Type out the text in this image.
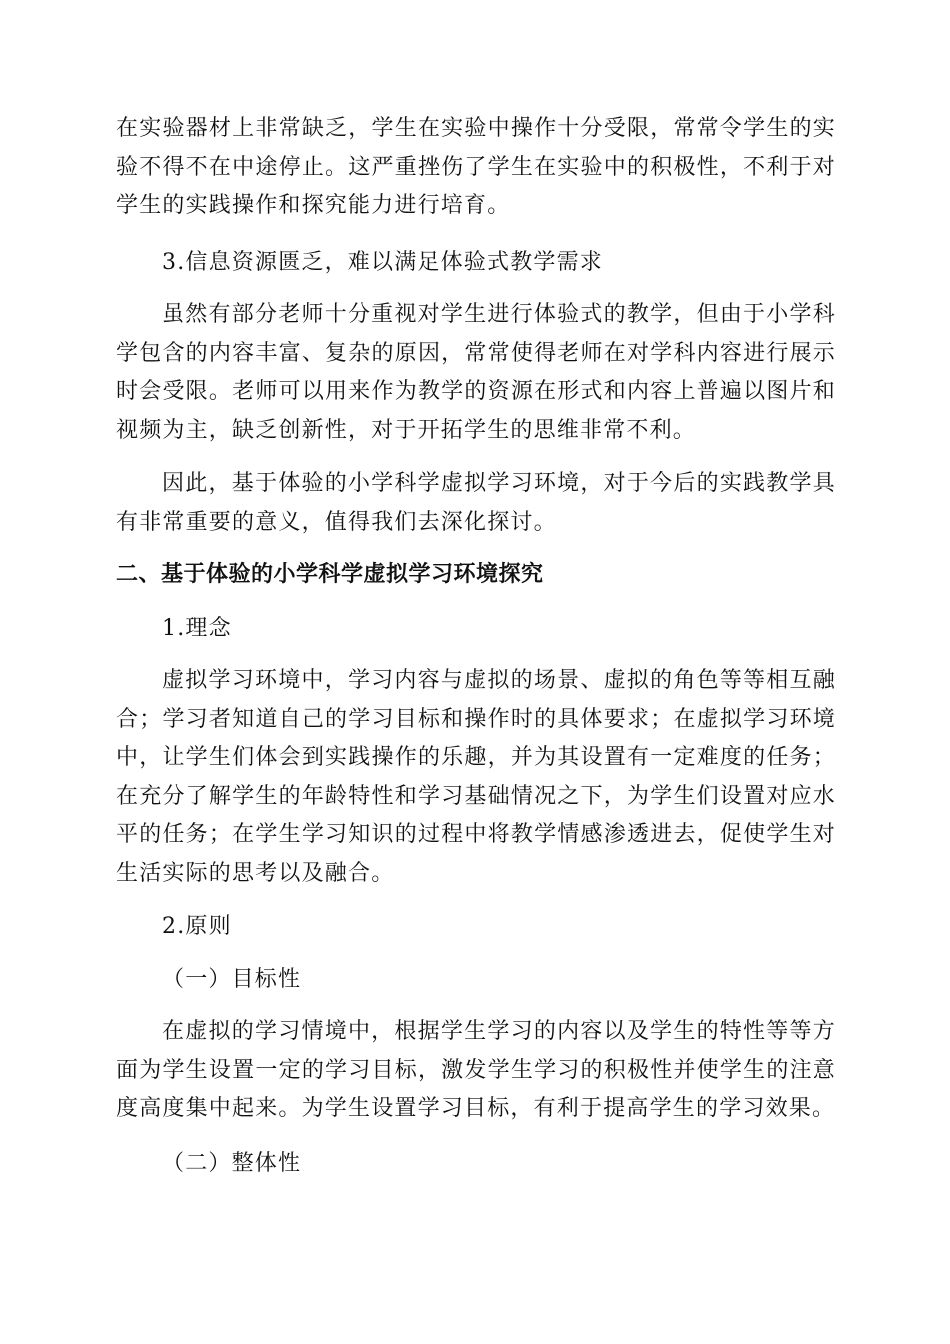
在实验器材上非常缺乏，学生在实验中操作十分受限，常常令学生的实验不得不在中途停止。这严重挫伤了学生在实验中的积极性，不利于对学生的实践操作和探究能力进行培育。

3.信息资源匮乏，难以满足体验式教学需求

虽然有部分老师十分重视对学生进行体验式的教学，但由于小学科学包含的内容丰富、复杂的原因，常常使得老师在对学科内容进行展示时会受限。老师可以用来作为教学的资源在形式和内容上普遍以图片和视频为主，缺乏创新性，对于开拓学生的思维非常不利。

因此，基于体验的小学科学虚拟学习环境，对于今后的实践教学具有非常重要的意义，值得我们去深化探讨。

二、基于体验的小学科学虚拟学习环境探究

1.理念

虚拟学习环境中，学习内容与虚拟的场景、虚拟的角色等等相互融合；学习者知道自己的学习目标和操作时的具体要求；在虚拟学习环境中，让学生们体会到实践操作的乐趣，并为其设置有一定难度的任务；在充分了解学生的年龄特性和学习基础情况之下，为学生们设置对应水平的任务；在学生学习知识的过程中将教学情感渗透进去，促使学生对生活实际的思考以及融合。

2.原则

（一）目标性

在虚拟的学习情境中，根据学生学习的内容以及学生的特性等等方面为学生设置一定的学习目标，激发学生学习的积极性并使学生的注意度高度集中起来。为学生设置学习目标，有利于提高学生的学习效果。

（二）整体性
